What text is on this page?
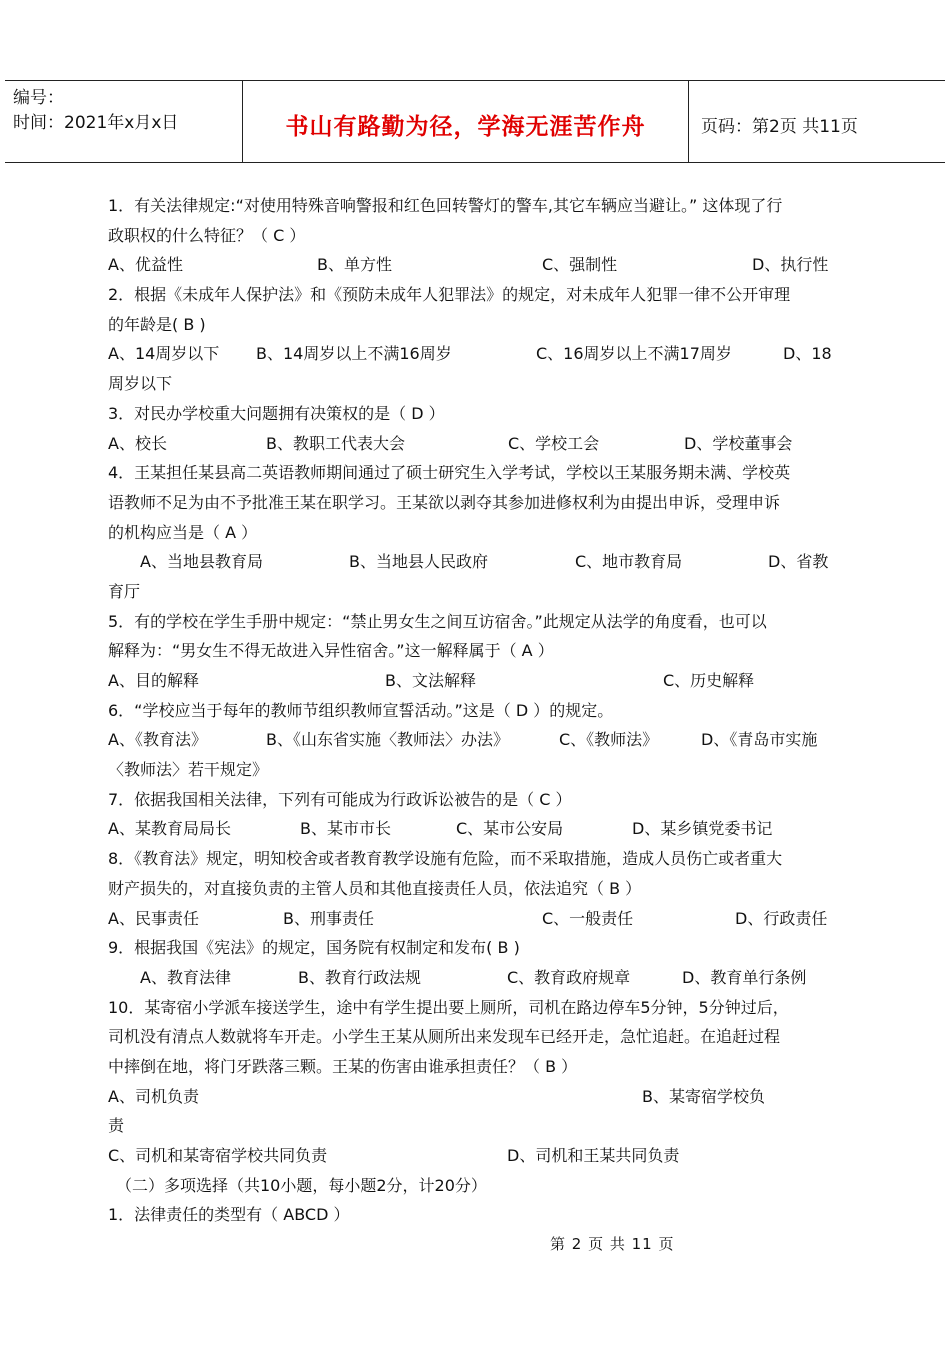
编号：
时间：2021年x月x日	书山有路勤为径，学海无涯苦作舟	页码：第2页 共11页
1．有关法律规定:“对使用特殊音响警报和红色回转警灯的警车,其它车辆应当避让。” 这体现了行
政职权的什么特征？（ C ）
A、优益性	B、单方性	C、强制性	D、执行性
2．根据《未成年人保护法》和《预防未成年人犯罪法》的规定，对未成年人犯罪一律不公开审理
的年龄是( B )
A、14周岁以下 B、14周岁以上不满16周岁	C、16周岁以上不满17周岁	D、18
周岁以下
3．对民办学校重大问题拥有决策权的是（ D ）
A、校长	B、教职工代表大会	C、学校工会	D、学校董事会
4．王某担任某县高二英语教师期间通过了硕士研究生入学考试，学校以王某服务期未满、学校英
语教师不足为由不予批准王某在职学习。王某欲以剥夺其参加进修权利为由提出申诉，受理申诉
的机构应当是（ A ）
A、当地县教育局	B、当地县人民政府	C、地市教育局	D、省教
育厅
5．有的学校在学生手册中规定：“禁止男女生之间互访宿舍。”此规定从法学的角度看，也可以
解释为：“男女生不得无故进入异性宿舍。”这一解释属于（ A ）
A、目的解释	B、文法解释	C、历史解释
6．“学校应当于每年的教师节组织教师宣誓活动。”这是（ D ）的规定。
A、《教育法》	B、《山东省实施〈教师法〉办法》	C、《教师法》	D、《青岛市实施
〈教师法〉若干规定》
7．依据我国相关法律，下列有可能成为行政诉讼被告的是（ C ）
A、某教育局局长	B、某市市长	C、某市公安局	D、某乡镇党委书记
8．《教育法》规定，明知校舍或者教育教学设施有危险，而不采取措施，造成人员伤亡或者重大
财产损失的，对直接负责的主管人员和其他直接责任人员，依法追究（ B ）
A、民事责任	B、刑事责任	C、一般责任	D、行政责任
9．根据我国《宪法》的规定，国务院有权制定和发布( B )
A、教育法律	B、教育行政法规	C、教育政府规章	D、教育单行条例
10．某寄宿小学派车接送学生，途中有学生提出要上厕所，司机在路边停车5分钟，5分钟过后，
司机没有清点人数就将车开走。小学生王某从厕所出来发现车已经开走，急忙追赶。在追赶过程
中摔倒在地，将门牙跌落三颗。王某的伤害由谁承担责任？（ B ）
A、司机负责	B、某寄宿学校负
责
C、司机和某寄宿学校共同负责	D、司机和王某共同负责
（二）多项选择（共10小题，每小题2分，计20分）
1．法律责任的类型有（ ABCD ）
第 2 页 共 11 页
